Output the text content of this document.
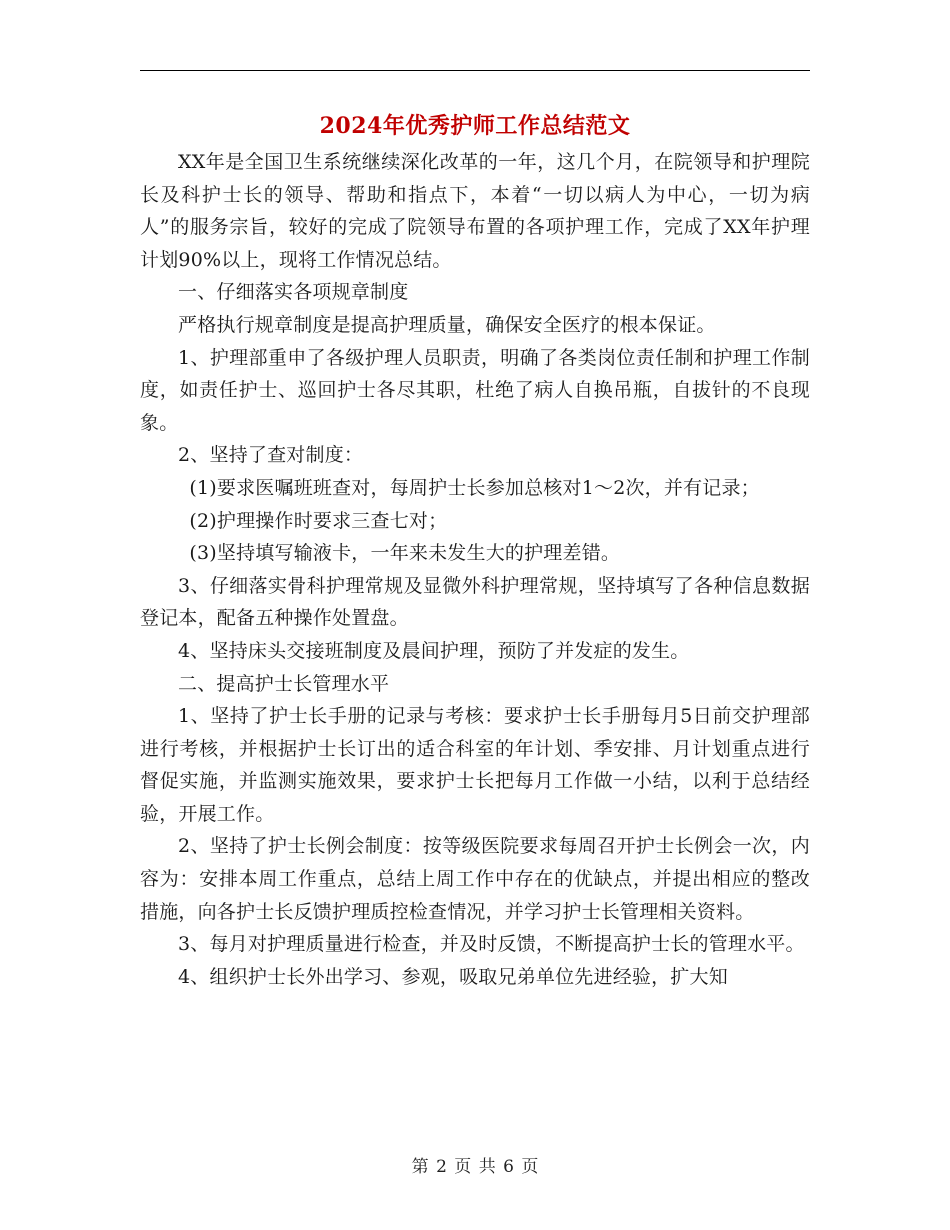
2024年优秀护师工作总结范文

XX年是全国卫生系统继续深化改革的一年，这几个月，在院领导和护理院长及科护士长的领导、帮助和指点下，本着“一切以病人为中心，一切为病人”的服务宗旨，较好的完成了院领导布置的各项护理工作，完成了XX年护理计划90%以上，现将工作情况总结。

一、仔细落实各项规章制度

严格执行规章制度是提高护理质量，确保安全医疗的根本保证。

1、护理部重申了各级护理人员职责，明确了各类岗位责任制和护理工作制度，如责任护士、巡回护士各尽其职，杜绝了病人自换吊瓶，自拔针的不良现象。

2、坚持了查对制度：

(1)要求医嘱班班查对，每周护士长参加总核对1～2次，并有记录；

(2)护理操作时要求三查七对；

(3)坚持填写输液卡，一年来未发生大的护理差错。

3、仔细落实骨科护理常规及显微外科护理常规，坚持填写了各种信息数据登记本，配备五种操作处置盘。

4、坚持床头交接班制度及晨间护理，预防了并发症的发生。

二、提高护士长管理水平

1、坚持了护士长手册的记录与考核：要求护士长手册每月5日前交护理部进行考核，并根据护士长订出的适合科室的年计划、季安排、月计划重点进行督促实施，并监测实施效果，要求护士长把每月工作做一小结，以利于总结经验，开展工作。

2、坚持了护士长例会制度：按等级医院要求每周召开护士长例会一次，内容为：安排本周工作重点，总结上周工作中存在的优缺点，并提出相应的整改措施，向各护士长反馈护理质控检查情况，并学习护士长管理相关资料。

3、每月对护理质量进行检查，并及时反馈，不断提高护士长的管理水平。

4、组织护士长外出学习、参观，吸取兄弟单位先进经验，扩大知

第 2 页 共 6 页
